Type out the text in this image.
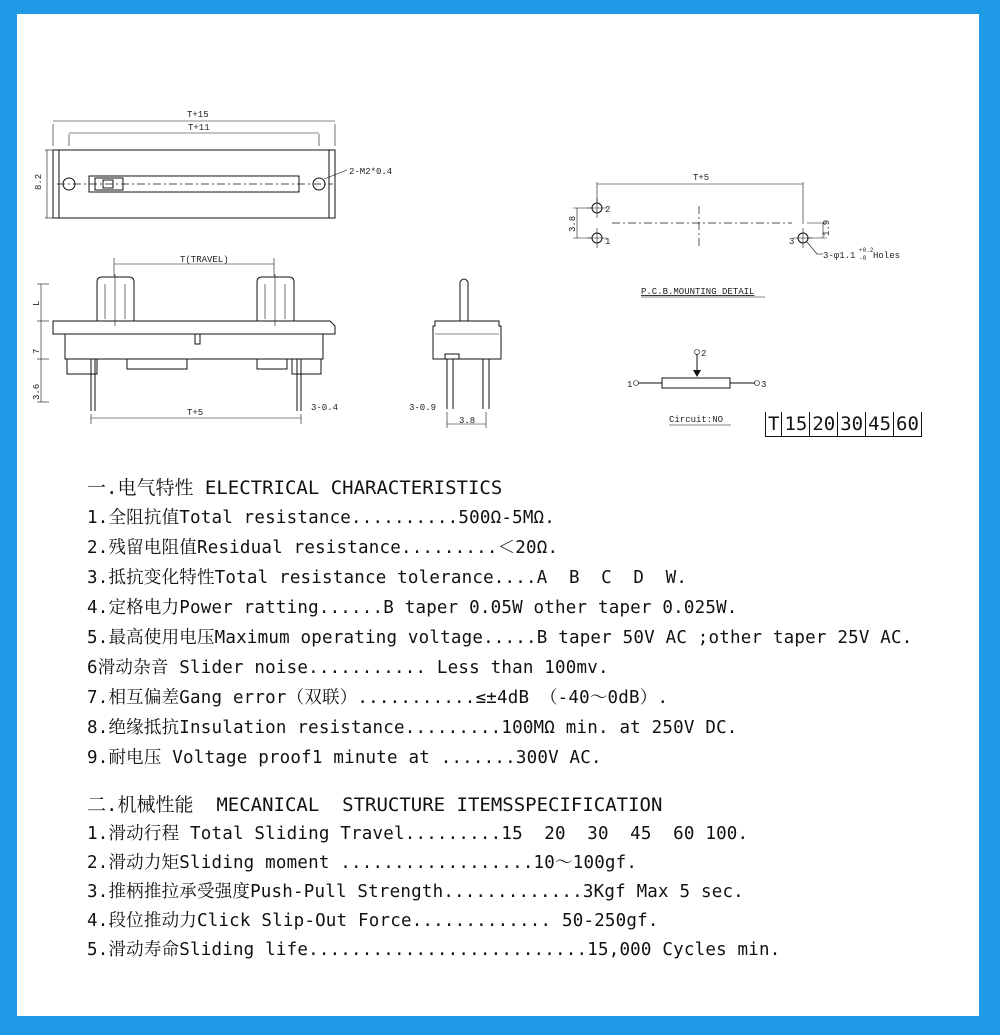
T+15
T+11
8.2
2-M2*0.4
T(TRAVEL)
L
7
3.6
T+5	3-0.4
3.8
3-0.9
T+5
2
1	3
3.8	1.9
3-φ1.1
+0.2
-0 Holes
P.C.B.MOUNTING DETAIL
1
2
3
Circuit:NO T	15	20	30	45	60
一.电气特性 ELECTRICAL CHARACTERISTICS
1.全阻抗值Total resistance..........500Ω-5MΩ.
2.残留电阻值Residual resistance.........＜20Ω.
3.抵抗变化特性Total resistance tolerance....A  B  C  D  W.
4.定格电力Power ratting......B taper 0.05W other taper 0.025W.
5.最高使用电压Maximum operating voltage.....B taper 50V AC ;other taper 25V AC.
6滑动杂音 Slider noise........... Less than 100mv.
7.相互偏差Gang error（双联）...........≤±4dB （-40～0dB）.
8.绝缘抵抗Insulation resistance.........100MΩ min. at 250V DC.
9.耐电压 Voltage proof1 minute at .......300V AC.
二.机械性能  MECANICAL  STRUCTURE ITEMSSPECIFICATION
1.滑动行程 Total Sliding Travel.........15  20  30  45  60 100.
2.滑动力矩Sliding moment ..................10～100gf.
3.推柄推拉承受强度Push-Pull Strength.............3Kgf Max 5 sec.
4.段位推动力Click Slip-Out Force............. 50-250gf.
5.滑动寿命Sliding life..........................15,000 Cycles min.
